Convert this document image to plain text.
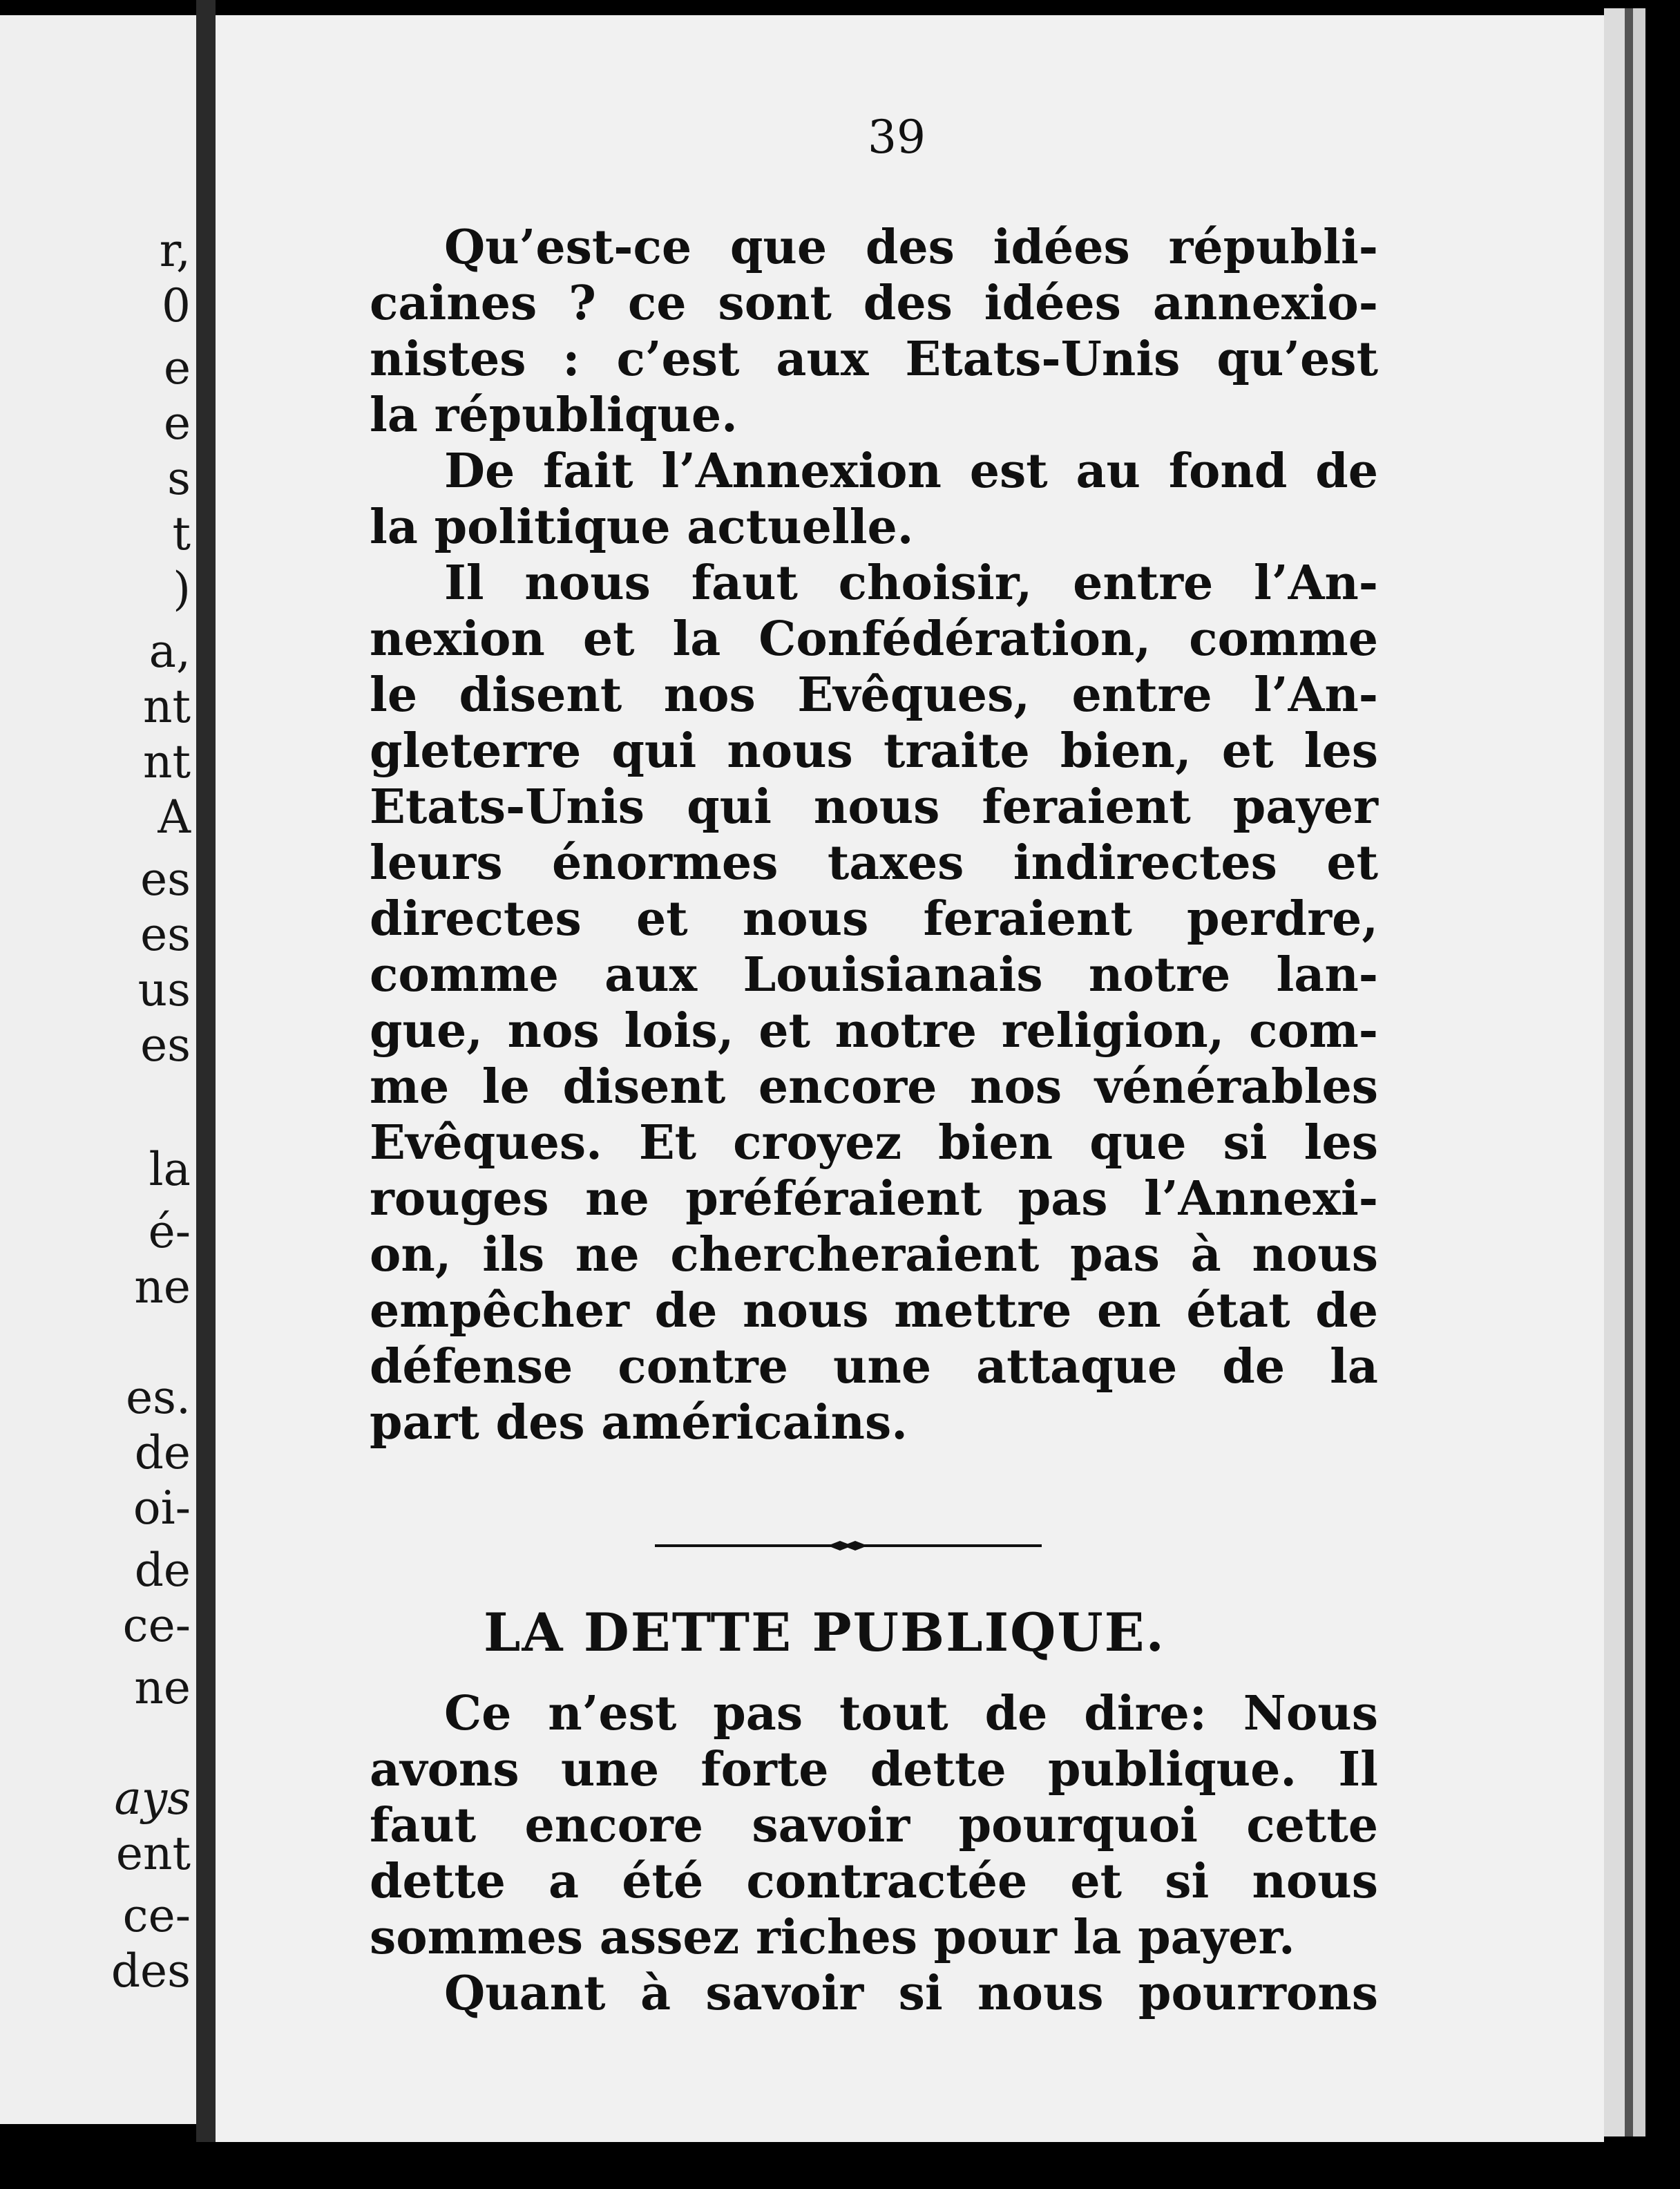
r,
0
e
e
s
t
)
a,
nt
nt
A
es
es
us
es
la
é-
ne
es.
de
oi-
de
ce-
ne
ays
ent
ce-
des
39
Qu’est-ce que des idées républi-
caines ? ce sont des idées annexio-
nistes : c’est aux Etats-Unis qu’est
la république.
De fait l’Annexion est au fond de
la politique actuelle.
Il nous faut choisir, entre l’An-
nexion et la Confédération, comme
le disent nos Evêques, entre l’An-
gleterre qui nous traite bien, et les
Etats-Unis qui nous feraient payer
leurs énormes taxes indirectes et
directes et nous feraient perdre,
comme aux Louisianais notre lan-
gue, nos lois, et notre religion, com-
me le disent encore nos vénérables
Evêques. Et croyez bien que si les
rouges ne préféraient pas l’Annexi-
on, ils ne chercheraient pas à nous
empêcher de nous mettre en état de
défense contre une attaque de la
part des américains.
LA DETTE PUBLIQUE.
Ce n’est pas tout de dire: Nous
avons une forte dette publique. Il
faut encore savoir pourquoi cette
dette a été contractée et si nous
sommes assez riches pour la payer.
Quant à savoir si nous pourrons
